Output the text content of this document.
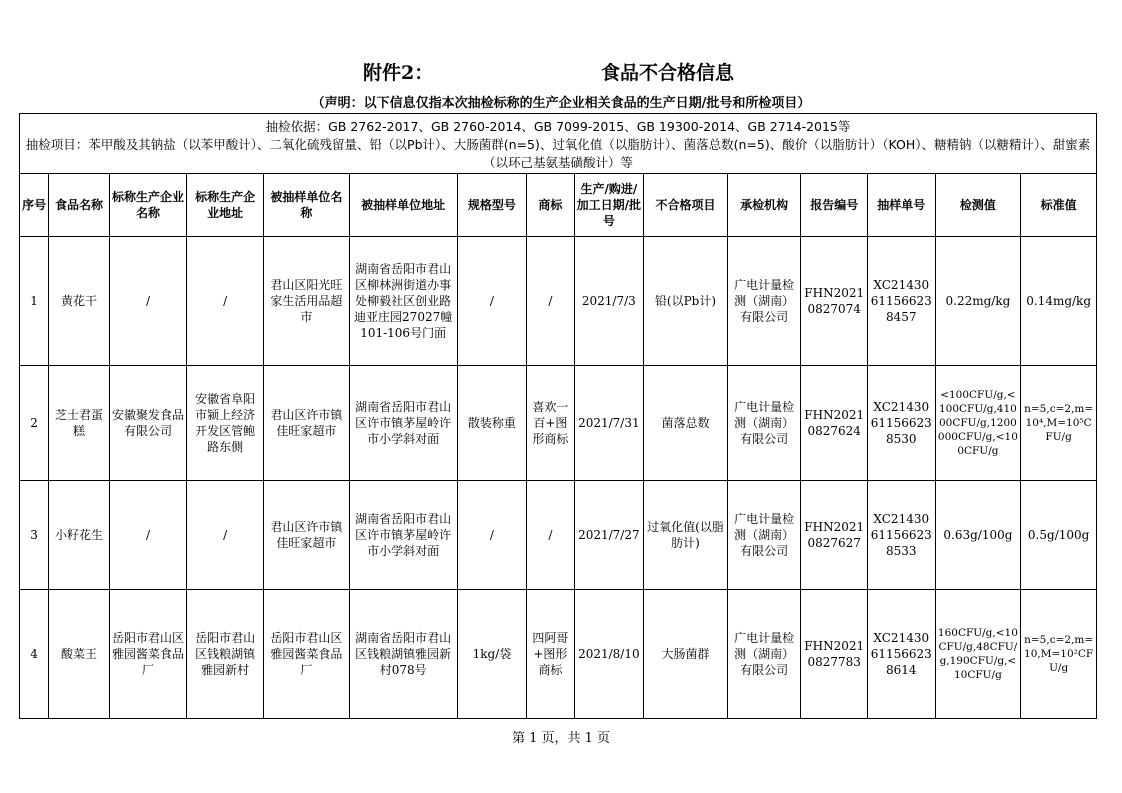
附件2：	食品不合格信息
（声明：以下信息仅指本次抽检标称的生产企业相关食品的生产日期/批号和所检项目）
抽检依据：GB 2762-2017、GB 2760-2014、GB 7099-2015、GB 19300-2014、GB 2714-2015等
抽检项目：苯甲酸及其钠盐（以苯甲酸计）、二氧化硫残留量、铅（以Pb计）、大肠菌群(n=5)、过氧化值（以脂肪计）、菌落总数(n=5)、酸价（以脂肪计）（KOH）、糖精钠（以糖精计）、甜蜜素（以环己基氨基磺酸计）等
序号	食品名称	标称生产企业名称	标称生产企业地址	被抽样单位名称	被抽样单位地址	规格型号	商标	生产/购进/加工日期/批号	不合格项目	承检机构	报告编号	抽样单号	检测值	标准值
1	黄花干	/	/	君山区阳光旺家生活用品超市	湖南省岳阳市君山区柳林洲街道办事处柳毅社区创业路迪亚庄园27027幢101-106号门面	/	/	2021/7/3	铅(以Pb计)	广电计量检测（湖南）有限公司	FHN20210827074	XC21430611566238457	0.22mg/kg	0.14mg/kg
2	芝士君蛋糕	安徽聚发食品有限公司	安徽省阜阳市颍上经济开发区管鲍路东侧	君山区许市镇佳旺家超市	湖南省岳阳市君山区许市镇茅屋岭许市小学斜对面	散装称重	喜欢一百+图形商标	2021/7/31	菌落总数	广电计量检测（湖南）有限公司	FHN20210827624	XC21430611566238530	<100CFU/g,<100CFU/g,41000CFU/g,1200000CFU/g,<100CFU/g	n=5,c=2,m=10⁴,M=10⁵CFU/g
3	小籽花生	/	/	君山区许市镇佳旺家超市	湖南省岳阳市君山区许市镇茅屋岭许市小学斜对面	/	/	2021/7/27	过氧化值(以脂肪计)	广电计量检测（湖南）有限公司	FHN20210827627	XC21430611566238533	0.63g/100g	0.5g/100g
4	酸菜王	岳阳市君山区雅园酱菜食品厂	岳阳市君山区钱粮湖镇雅园新村	岳阳市君山区雅园酱菜食品厂	湖南省岳阳市君山区钱粮湖镇雅园新村078号	1kg/袋	四阿哥+图形商标	2021/8/10	大肠菌群	广电计量检测（湖南）有限公司	FHN20210827783	XC21430611566238614	160CFU/g,<10CFU/g,48CFU/g,190CFU/g,<10CFU/g	n=5,c=2,m=10,M=10²CFU/g
第 1 页，共 1 页
